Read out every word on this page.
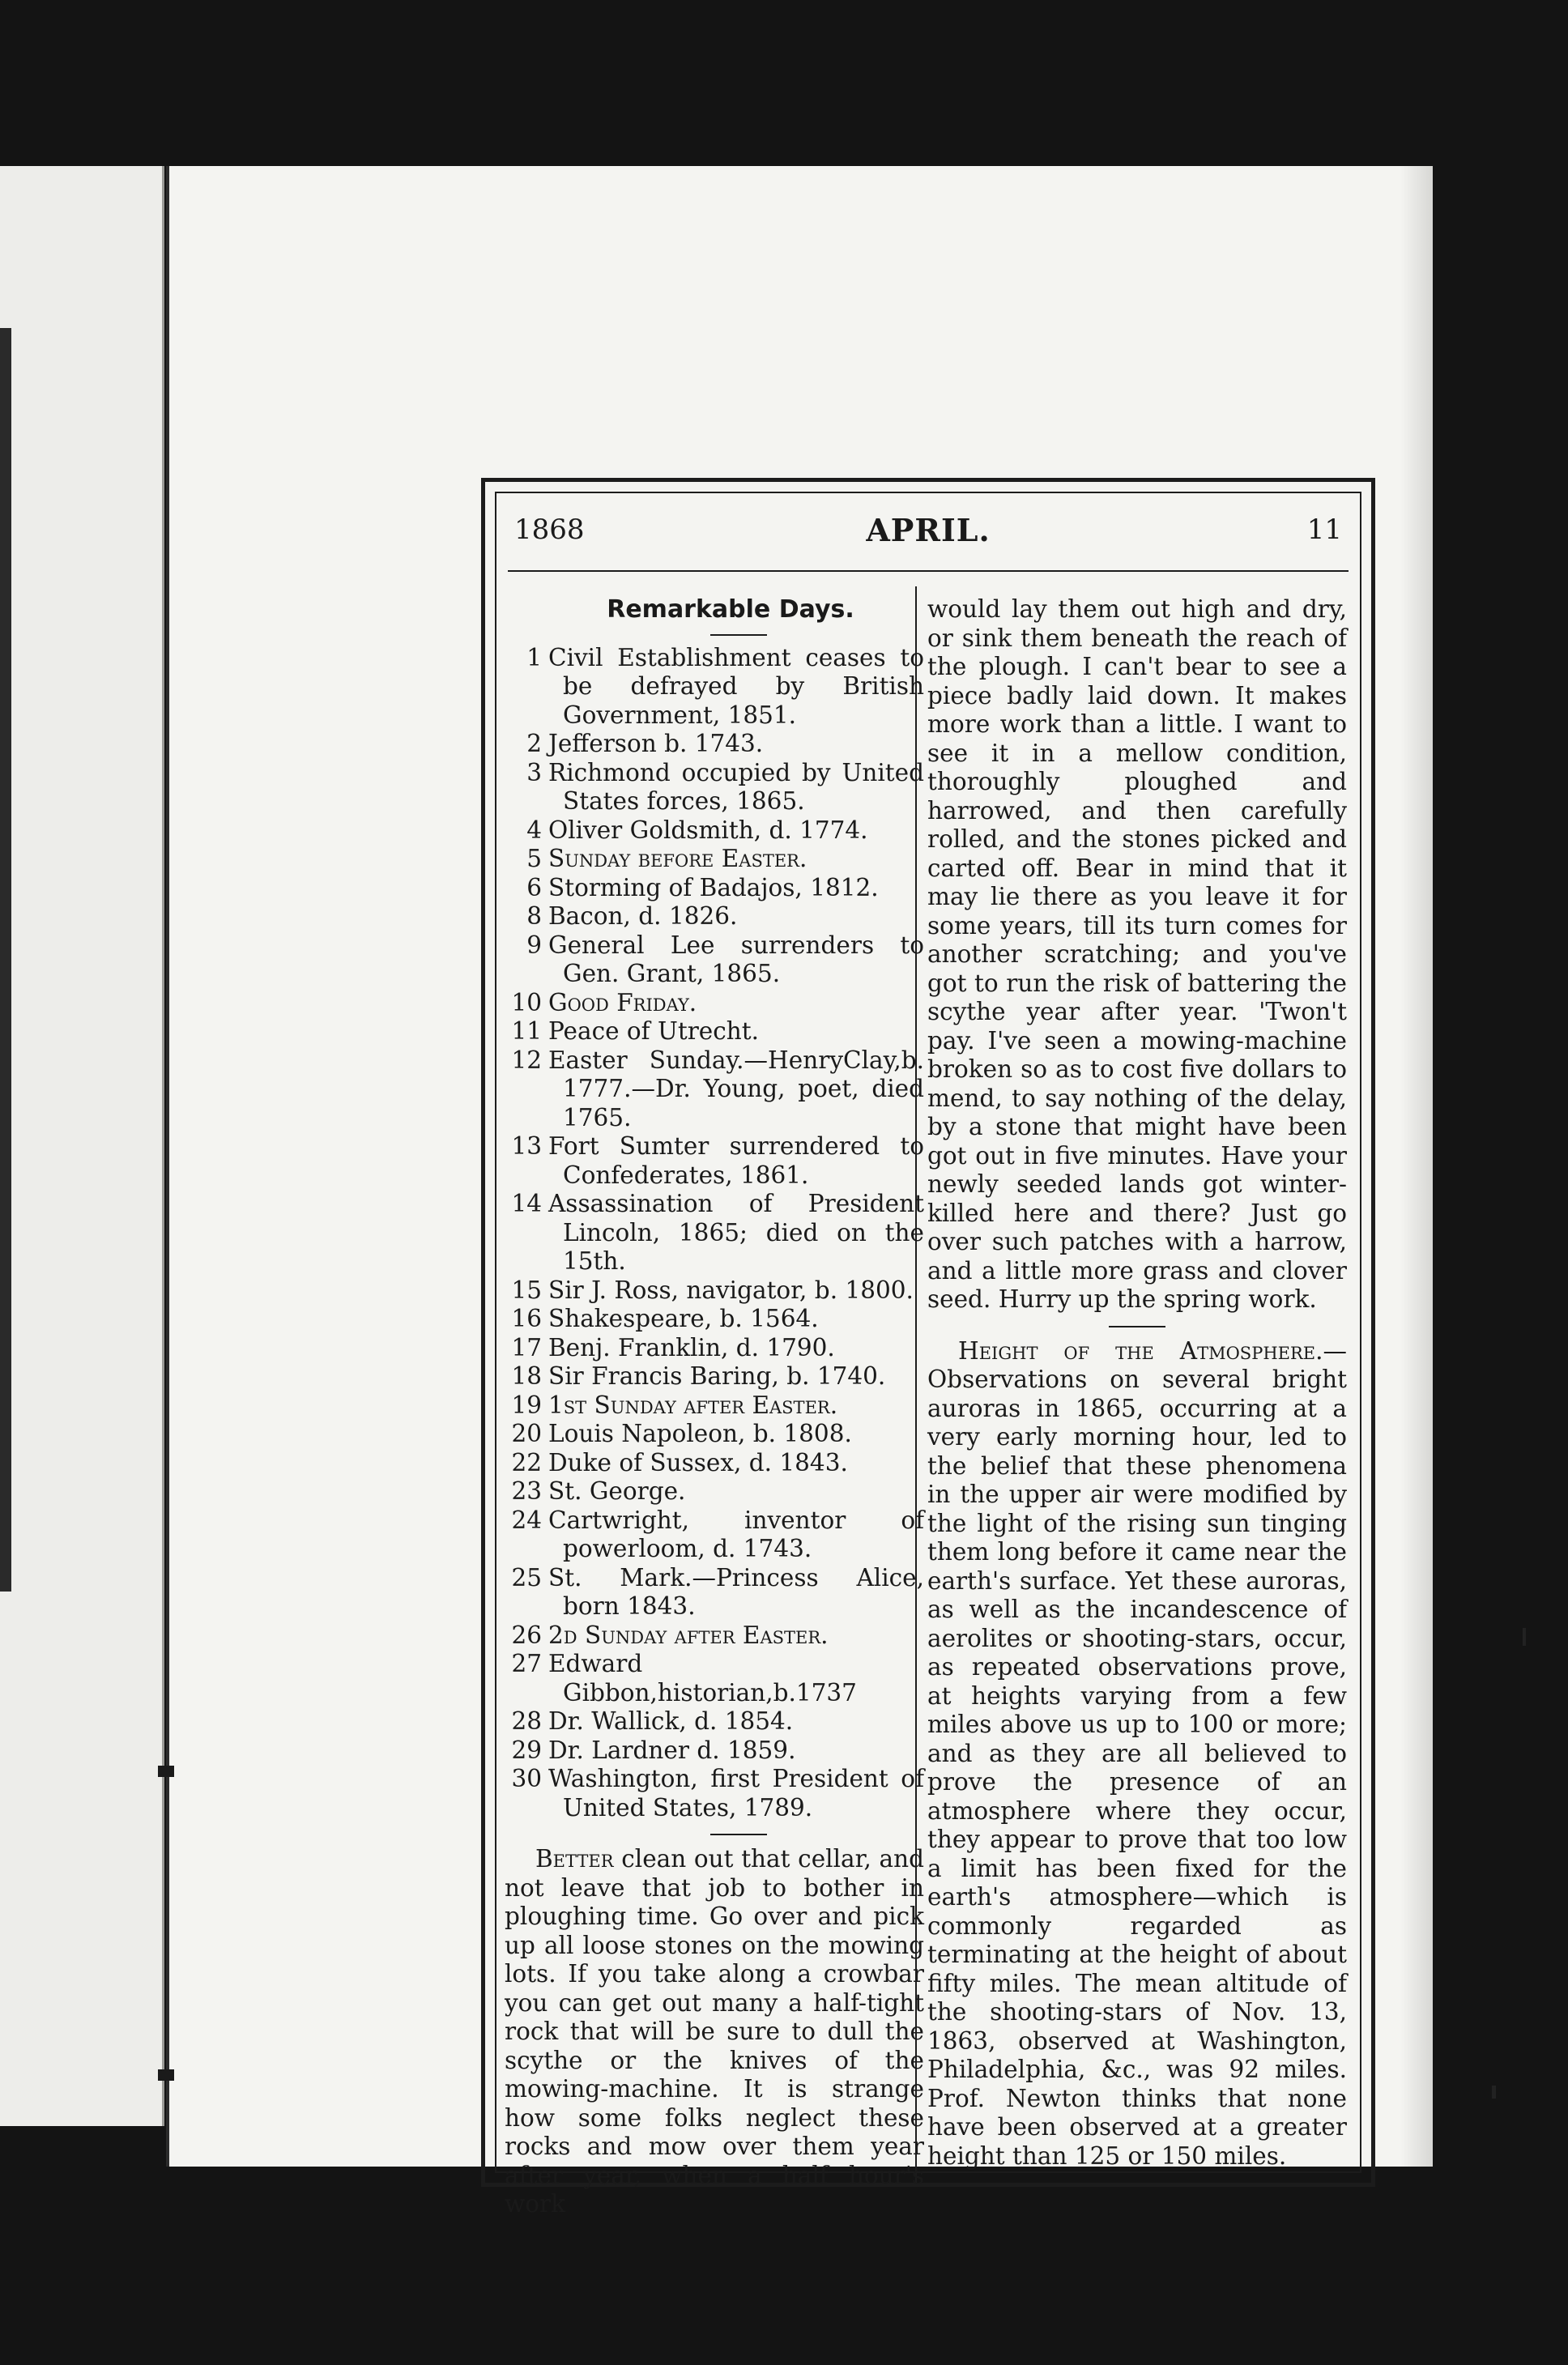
1868	APRIL.	11
Remarkable Days.
1 Civil Establishment ceases to be defrayed by British Government, 1851.
2 Jefferson b. 1743.
3 Richmond occupied by United States forces, 1865.
4 Oliver Goldsmith, d. 1774.
5 Sunday before Easter.
6 Storming of Badajos, 1812.
8 Bacon, d. 1826.
9 General Lee surrenders to Gen. Grant, 1865.
10 Good Friday.
11 Peace of Utrecht.
12 Easter Sunday.—HenryClay,b. 1777.—Dr. Young, poet, died 1765.
13 Fort Sumter surrendered to Confederates, 1861.
14 Assassination of President Lincoln, 1865; died on the 15th.
15 Sir J. Ross, navigator, b. 1800.
16 Shakespeare, b. 1564.
17 Benj. Franklin, d. 1790.
18 Sir Francis Baring, b. 1740.
19 1st Sunday after Easter.
20 Louis Napoleon, b. 1808.
22 Duke of Sussex, d. 1843.
23 St. George.
24 Cartwright, inventor of powerloom, d. 1743.
25 St. Mark.—Princess Alice, born 1843.
26 2d Sunday after Easter.
27 Edward Gibbon,historian,b.1737
28 Dr. Wallick, d. 1854.
29 Dr. Lardner d. 1859.
30 Washington, first President of United States, 1789.

Better clean out that cellar, and not leave that job to bother in ploughing time. Go over and pick up all loose stones on the mowing lots. If you take along a crowbar you can get out many a half-tight rock that will be sure to dull the scythe or the knives of the mowing-machine. It is strange how some folks neglect these rocks and mow over them year after year, when a half hour's work

would lay them out high and dry, or sink them beneath the reach of the plough. I can't bear to see a piece badly laid down. It makes more work than a little. I want to see it in a mellow condition, thoroughly ploughed and harrowed, and then carefully rolled, and the stones picked and carted off. Bear in mind that it may lie there as you leave it for some years, till its turn comes for another scratching; and you've got to run the risk of battering the scythe year after year. 'Twon't pay. I've seen a mowing-machine broken so as to cost five dollars to mend, to say nothing of the delay, by a stone that might have been got out in five minutes. Have your newly seeded lands got winter-killed here and there? Just go over such patches with a harrow, and a little more grass and clover seed. Hurry up the spring work.

Height of the Atmosphere.—Observations on several bright auroras in 1865, occurring at a very early morning hour, led to the belief that these phenomena in the upper air were modified by the light of the rising sun tinging them long before it came near the earth's surface. Yet these auroras, as well as the incandescence of aerolites or shooting-stars, occur, as repeated observations prove, at heights varying from a few miles above us up to 100 or more; and as they are all believed to prove the presence of an atmosphere where they occur, they appear to prove that too low a limit has been fixed for the earth's atmosphere—which is commonly regarded as terminating at the height of about fifty miles. The mean altitude of the shooting-stars of Nov. 13, 1863, observed at Washington, Philadelphia, &c., was 92 miles. Prof. Newton thinks that none have been observed at a greater height than 125 or 150 miles.
